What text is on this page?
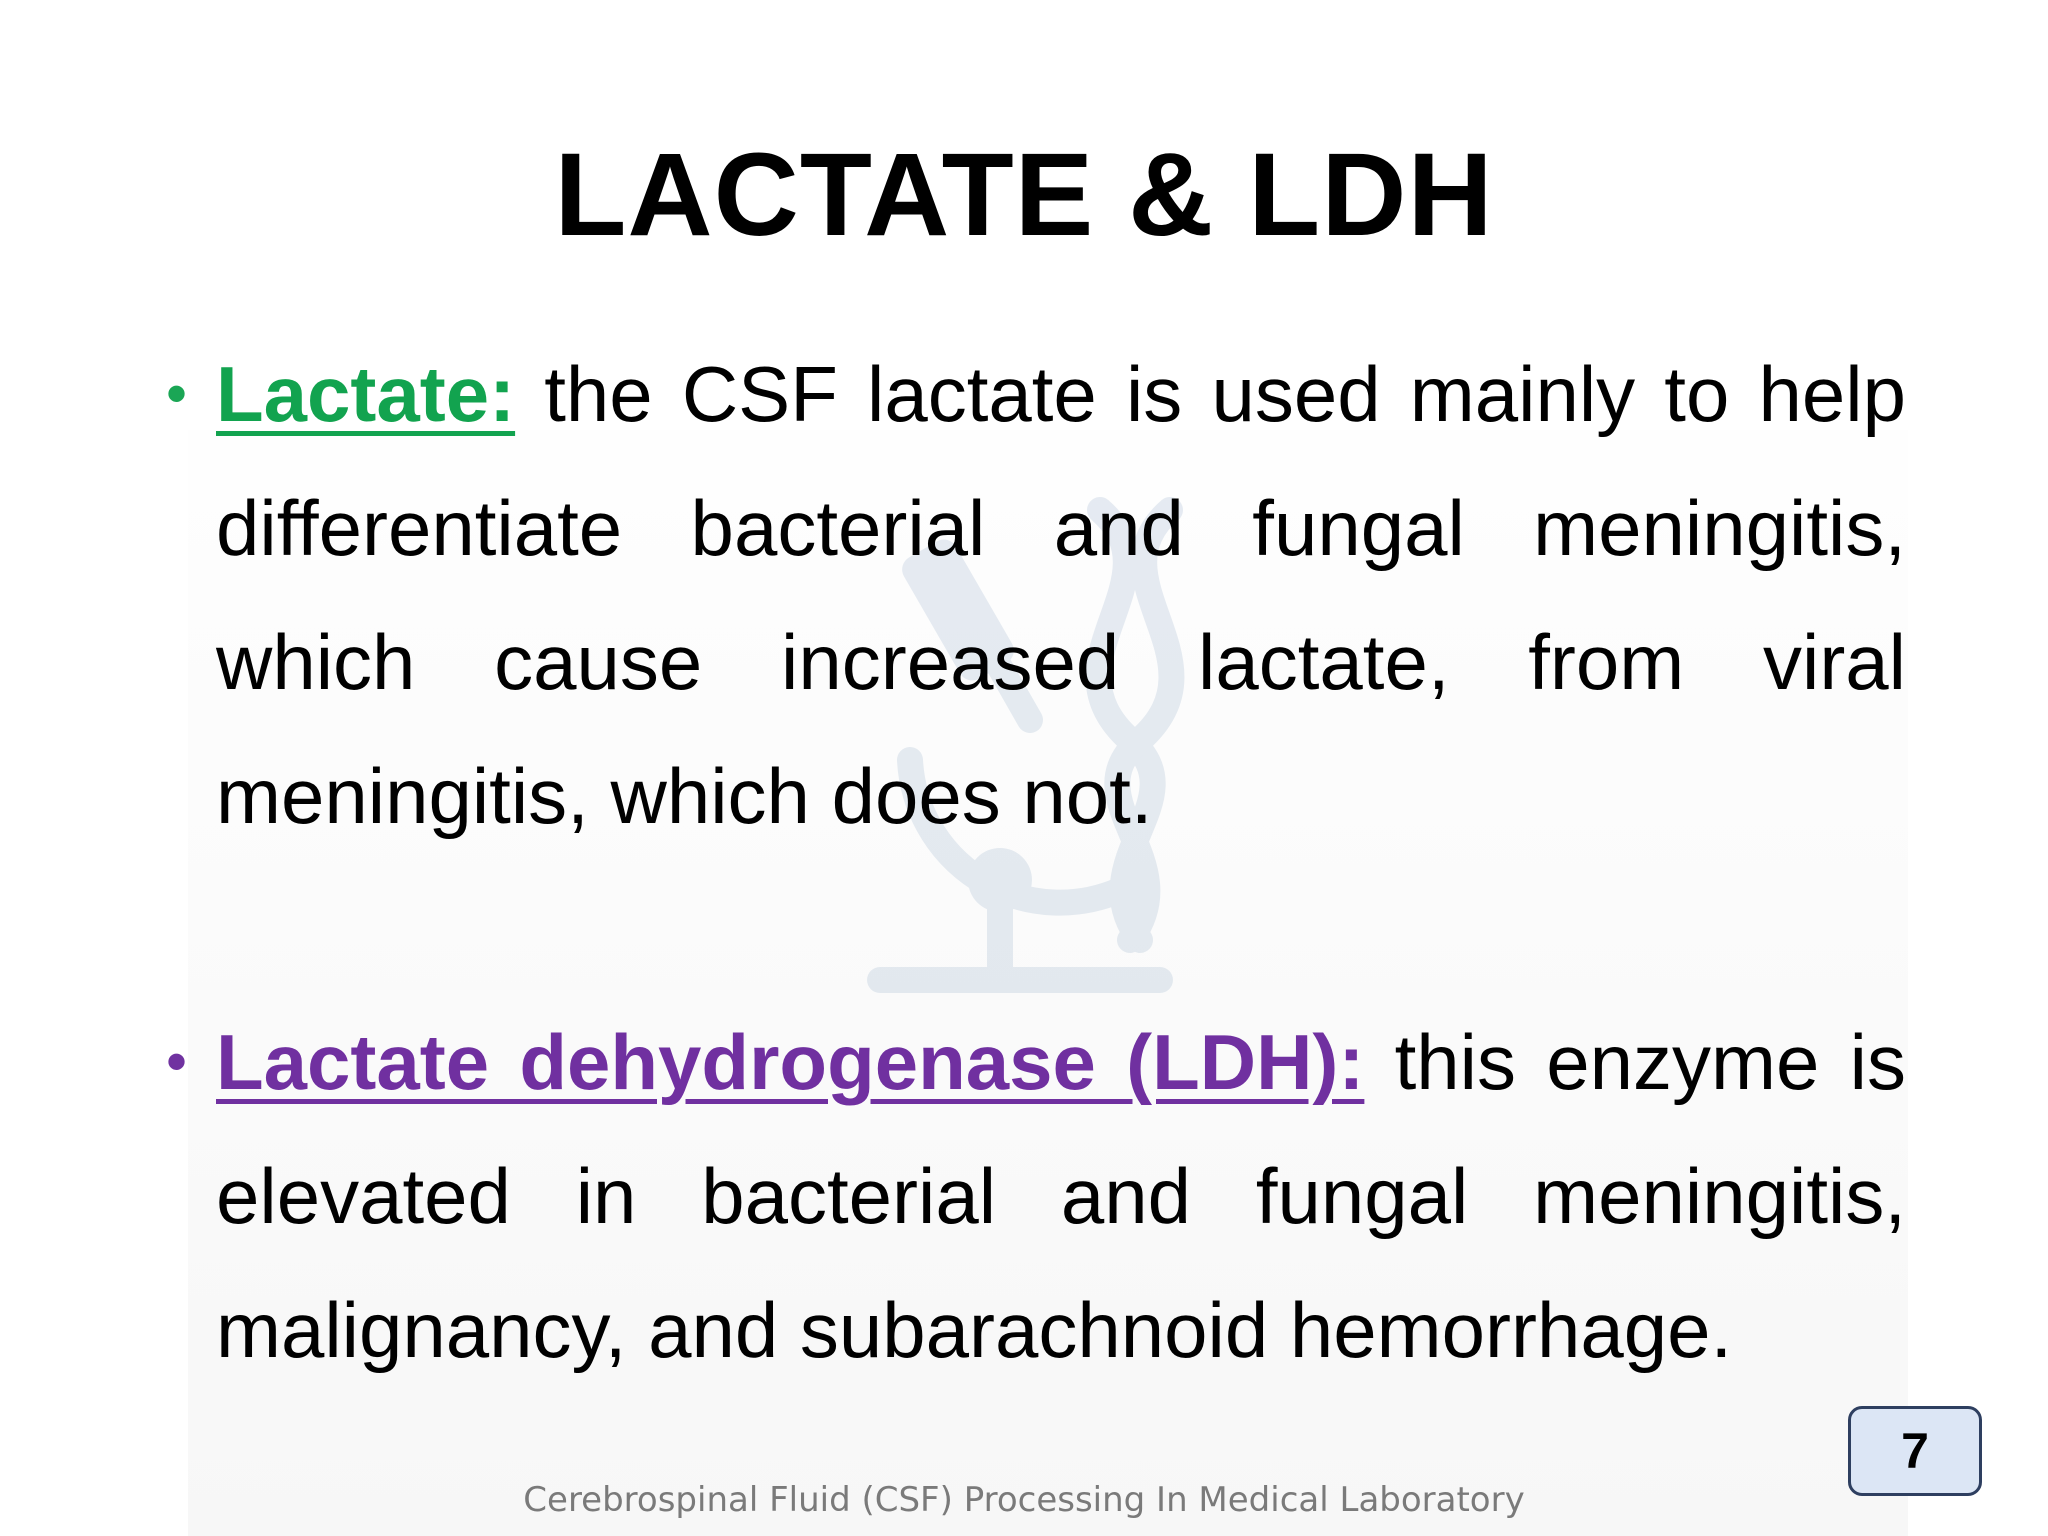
LACTATE & LDH
• Lactate: the CSF lactate is used mainly to help differentiate bacterial and fungal meningitis, which cause increased lactate, from viral meningitis, which does not.
• Lactate dehydrogenase (LDH): this enzyme is elevated in bacterial and fungal meningitis, malignancy, and subarachnoid hemorrhage.
Cerebrospinal Fluid (CSF) Processing In Medical Laboratory
7
